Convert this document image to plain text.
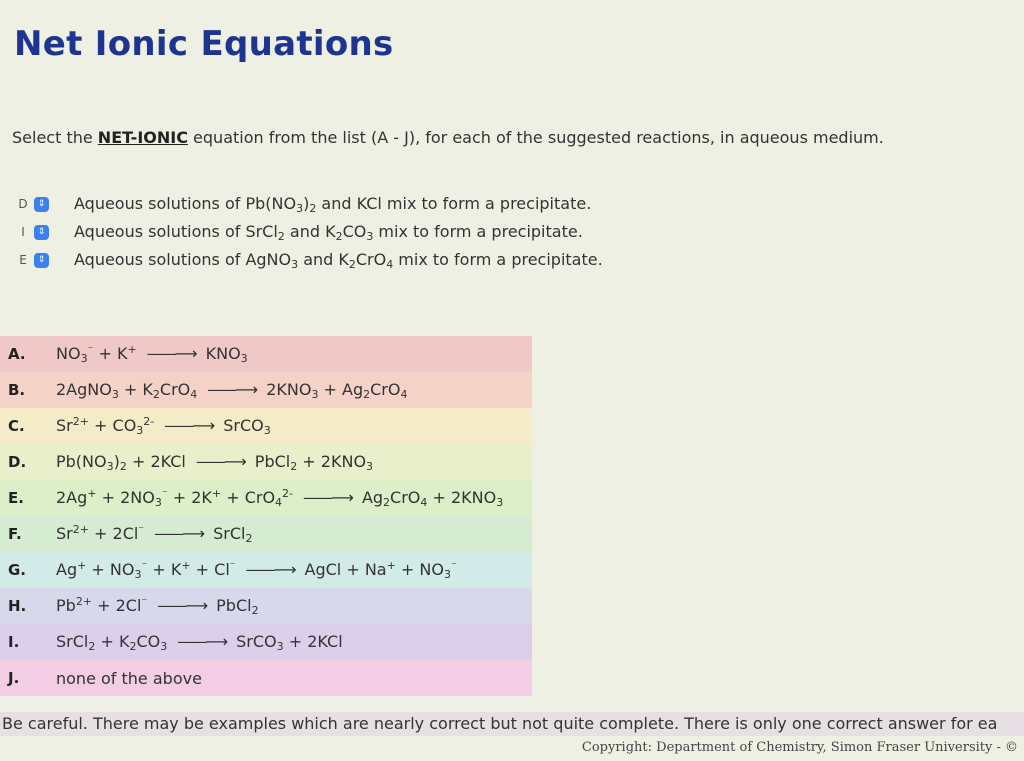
Net Ionic Equations
Select the NET-IONIC equation from the list (A - J), for each of the suggested reactions, in aqueous medium.
D	⇕ Aqueous solutions of $Pb(NO_3)_2$ and KCl mix to form a precipitate.
I	⇕ Aqueous solutions of SrCl$_2$ and $K_2CO_3$ mix to form a precipitate.
E	⇕ Aqueous solutions of AgNO$_3$ and $K_2CrO_4$ mix to form a precipitate.
A.	$NO_3^{^-} + K^+$ ——⟶ $KNO_3$
B.	2AgNO$_3$ + $K_2CrO_4$ ——⟶ $2KNO_3 + Ag_2CrO_4$
C.	$Sr^{2+} + CO_3^{2-}$ ——⟶ SrCO$_3$
D.	$Pb(NO_3)_2 + 2KCl$ ——⟶ PbCl$_2$ + $2KNO_3$
E.	$2Ag^+ + 2NO_3^{^-} + 2K^+ + CrO_4^{2-}$ ——⟶ $Ag_2CrO_4 + 2KNO_3$
F.	$Sr^{2+} + 2Cl^{^-}$ ——⟶ SrCl$_2$
G.	$Ag^+ + NO_3^{^-} + K^+ + Cl^{^-}$ ——⟶ AgCl + $Na^+ + NO_3^{^-}$
H.	$Pb^{2+} + 2Cl^{^-}$ ——⟶ PbCl$_2$
I.	SrCl$_2$ + $K_2CO_3$ ——⟶ SrCO$_3$ + 2KCl
J.	none of the above
Be careful. There may be examples which are nearly correct but not quite complete. There is only one correct answer for ea
Copyright: Department of Chemistry, Simon Fraser University - ©
